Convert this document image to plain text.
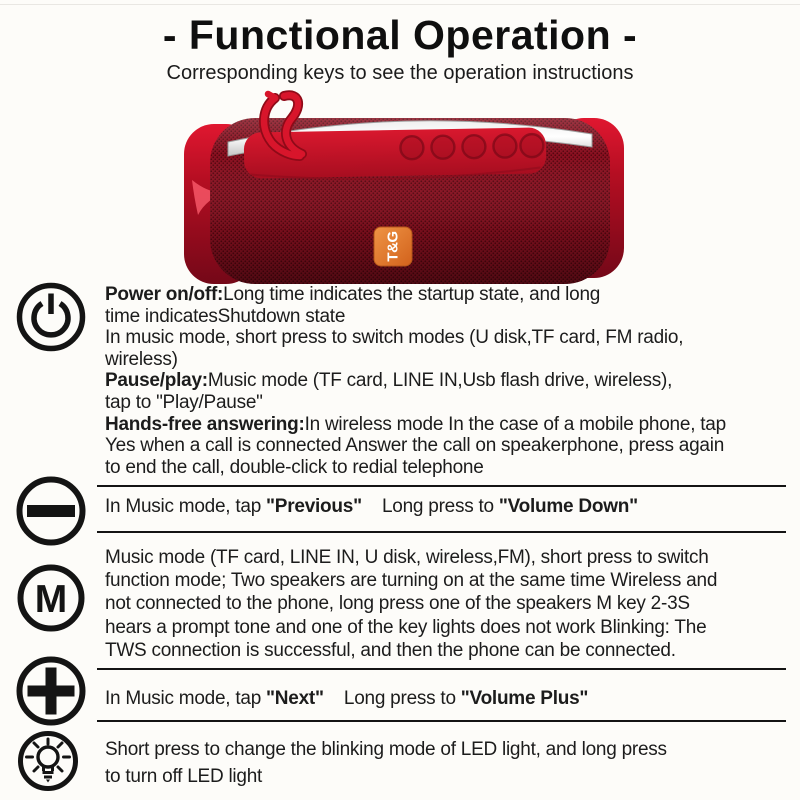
- Functional Operation -
Corresponding keys to see the operation instructions
T&G
M
Power on/off:Long time indicates the startup state, and long
time indicatesShutdown state
In music mode, short press to switch modes (U disk,TF card, FM radio,
wireless)
Pause/play:Music mode (TF card, LINE IN,Usb flash drive, wireless),
tap to "Play/Pause"
Hands-free answering:In wireless mode In the case of a mobile phone, tap
Yes when a call is connected Answer the call on speakerphone, press again
to end the call, double-click to redial telephone
In Music mode, tap "Previous" Long press to "Volume Down"
Music mode (TF card, LINE IN, U disk, wireless,FM), short press to switch
function mode; Two speakers are turning on at the same time Wireless and
not connected to the phone, long press one of the speakers M key 2-3S
hears a prompt tone and one of the key lights does not work Blinking: The
TWS connection is successful, and then the phone can be connected.
In Music mode, tap "Next" Long press to "Volume Plus"
Short press to change the blinking mode of LED light, and long press
to turn off LED light
